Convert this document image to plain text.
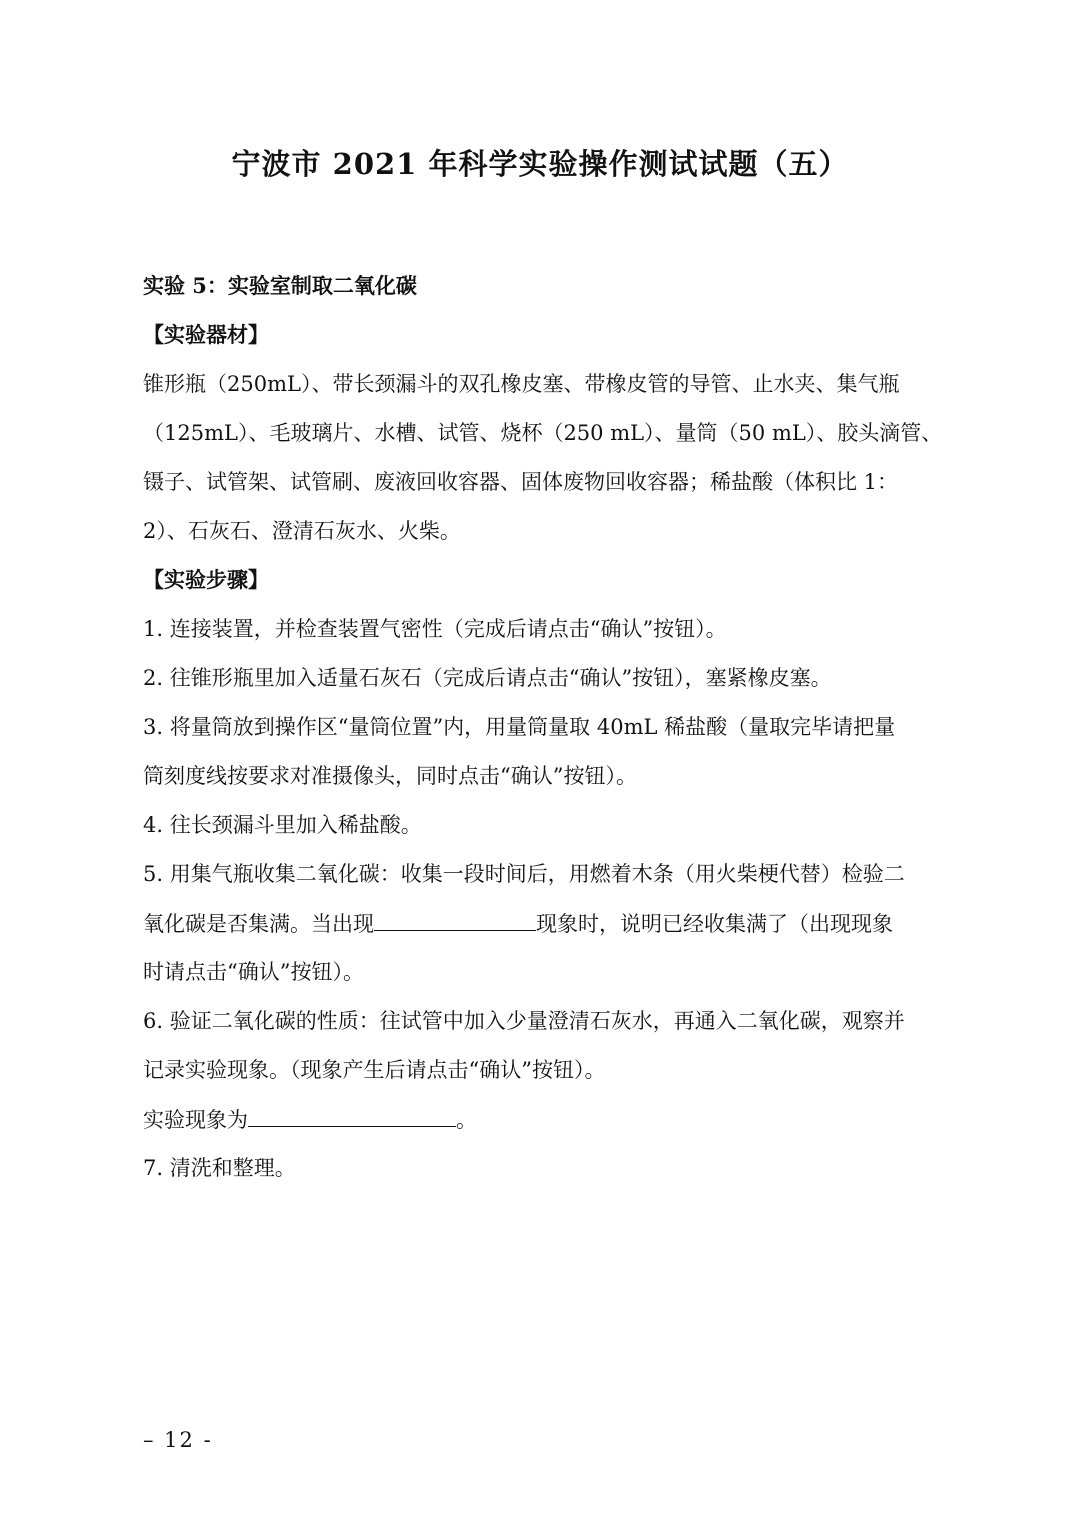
宁波市 2021 年科学实验操作测试试题（五）
实验 5：实验室制取二氧化碳
【实验器材】
锥形瓶（250mL）、带长颈漏斗的双孔橡皮塞、带橡皮管的导管、止水夹、集气瓶
（125mL）、毛玻璃片、水槽、试管、烧杯（250 mL）、量筒（50 mL）、胶头滴管、
镊子、试管架、试管刷、废液回收容器、固体废物回收容器；稀盐酸（体积比 1：
2）、石灰石、澄清石灰水、火柴。
【实验步骤】
1. 连接装置，并检查装置气密性（完成后请点击“确认”按钮）。
2. 往锥形瓶里加入适量石灰石（完成后请点击“确认”按钮），塞紧橡皮塞。
3. 将量筒放到操作区“量筒位置”内，用量筒量取 40mL 稀盐酸（量取完毕请把量
筒刻度线按要求对准摄像头，同时点击“确认”按钮）。
4. 往长颈漏斗里加入稀盐酸。
5. 用集气瓶收集二氧化碳：收集一段时间后，用燃着木条（用火柴梗代替）检验二
氧化碳是否集满。当出现	现象时，说明已经收集满了（出现现象
时请点击“确认”按钮）。
6. 验证二氧化碳的性质：往试管中加入少量澄清石灰水，再通入二氧化碳，观察并
记录实验现象。（现象产生后请点击“确认”按钮）。
实验现象为	。
7. 清洗和整理。
– 12 -
